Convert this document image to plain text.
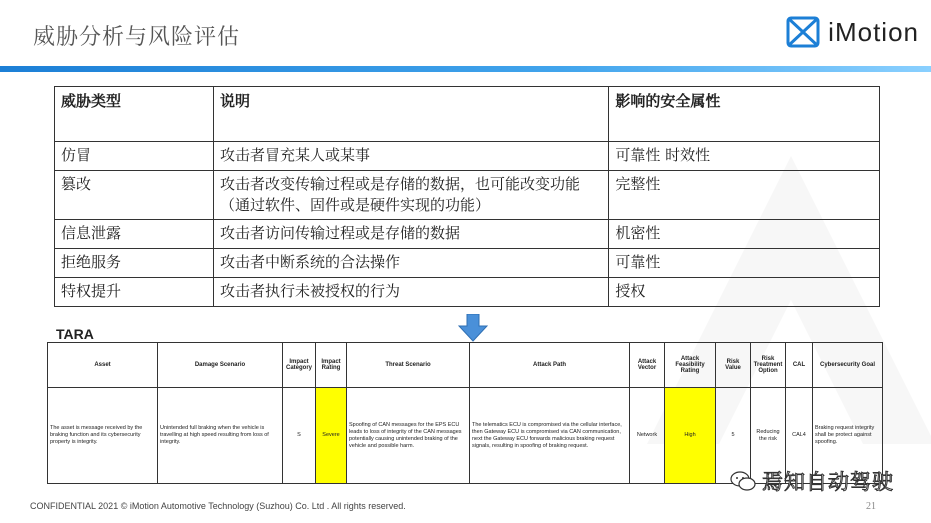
威胁分析与风险评估	iMotion
威胁类型	说明	影响的安全属性
仿冒	攻击者冒充某人或某事	可靠性 时效性
篡改	攻击者改变传输过程或是存储的数据，也可能改变功能（通过软件、固件或是硬件实现的功能）	完整性
信息泄露	攻击者访问传输过程或是存储的数据	机密性
拒绝服务	攻击者中断系统的合法操作	可靠性
特权提升	攻击者执行未被授权的行为	授权
TARA
Asset	Damage Scenario	Impact Category	Impact Rating	Threat Scenario	Attack Path	Attack Vector	Attack Feasibility Rating	Risk Value	Risk Treatment Option	CAL	Cybersecurity Goal
The asset is message received by the braking function and its cybersecurity property is integrity.	Unintended full braking when the vehicle is travelling at high speed resulting from loss of integrity.	S	Severe	Spoofing of CAN messages for the EPS ECU leads to loss of integrity of the CAN messages potentially causing unintended braking of the vehicle and possible harm.	The telematics ECU is compromised via the cellular interface, then Gateway ECU is compromised via CAN communication, next the Gateway ECU forwards malicious braking request signals, resulting in spoofing of braking request.	Network	High	5	Reducing the risk	CAL4	Braking request integrity shall be protect against spoofing.
CONFIDENTIAL 2021 © iMotion Automotive Technology (Suzhou) Co. Ltd . All rights reserved.	21
焉知自动驾驶
